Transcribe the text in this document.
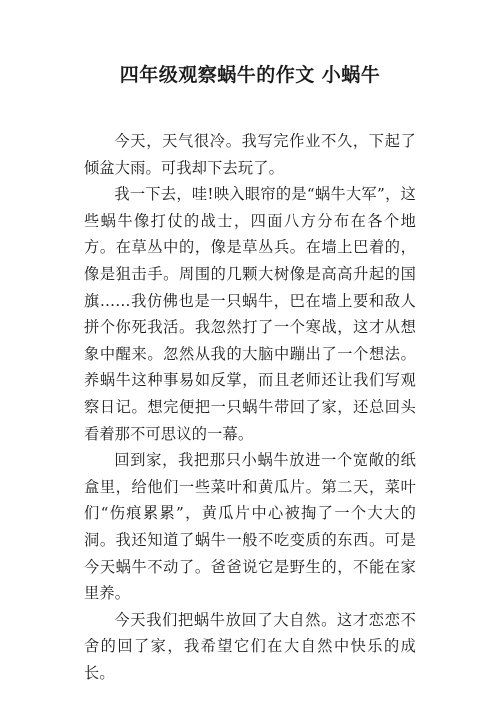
四年级观察蜗牛的作文 小蜗牛

今天，天气很冷。我写完作业不久，下起了倾盆大雨。可我却下去玩了。

我一下去，哇!映入眼帘的是“蜗牛大军”，这些蜗牛像打仗的战士，四面八方分布在各个地方。在草丛中的，像是草丛兵。在墙上巴着的，像是狙击手。周围的几颗大树像是高高升起的国旗……我仿佛也是一只蜗牛，巴在墙上要和敌人拼个你死我活。我忽然打了一个寒战，这才从想象中醒来。忽然从我的大脑中蹦出了一个想法。养蜗牛这种事易如反掌，而且老师还让我们写观察日记。想完便把一只蜗牛带回了家，还总回头看着那不可思议的一幕。

回到家，我把那只小蜗牛放进一个宽敞的纸盒里，给他们一些菜叶和黄瓜片。第二天，菜叶们“伤痕累累”，黄瓜片中心被掏了一个大大的洞。我还知道了蜗牛一般不吃变质的东西。可是今天蜗牛不动了。爸爸说它是野生的，不能在家里养。

今天我们把蜗牛放回了大自然。这才恋恋不舍的回了家，我希望它们在大自然中快乐的成长。
